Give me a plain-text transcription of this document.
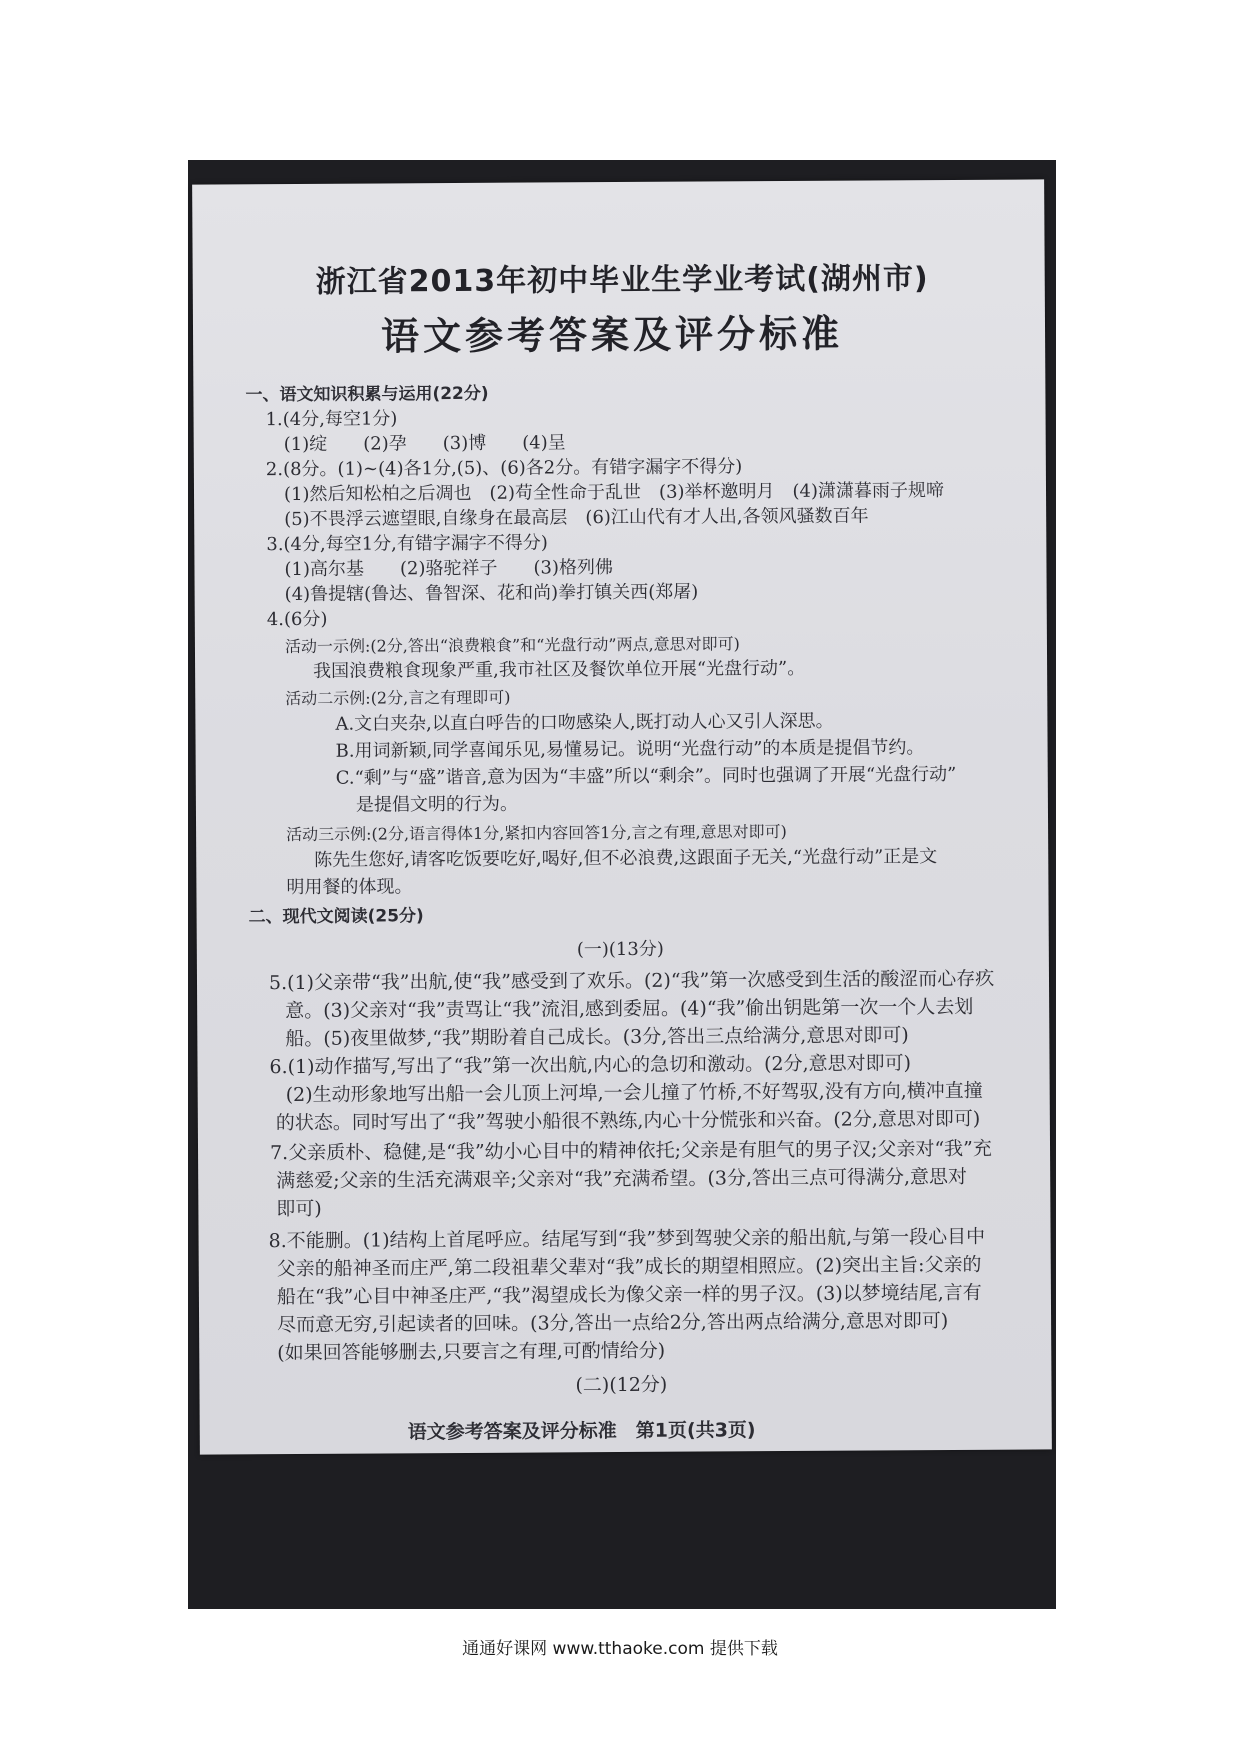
浙江省2013年初中毕业生学业考试(湖州市)
语文参考答案及评分标准
一、语文知识积累与运用(22分)
1.(4分,每空1分)
(1)绽　　(2)孕　　(3)博　　(4)呈
2.(8分。(1)~(4)各1分,(5)、(6)各2分。有错字漏字不得分)
(1)然后知松柏之后凋也　(2)苟全性命于乱世　(3)举杯邀明月　(4)潇潇暮雨子规啼
(5)不畏浮云遮望眼,自缘身在最高层　(6)江山代有才人出,各领风骚数百年
3.(4分,每空1分,有错字漏字不得分)
(1)高尔基　　(2)骆驼祥子　　(3)格列佛
(4)鲁提辖(鲁达、鲁智深、花和尚)拳打镇关西(郑屠)
4.(6分)
活动一示例:(2分,答出“浪费粮食”和“光盘行动”两点,意思对即可)
我国浪费粮食现象严重,我市社区及餐饮单位开展“光盘行动”。
活动二示例:(2分,言之有理即可)
A.文白夹杂,以直白呼告的口吻感染人,既打动人心又引人深思。
B.用词新颖,同学喜闻乐见,易懂易记。说明“光盘行动”的本质是提倡节约。
C.“剩”与“盛”谐音,意为因为“丰盛”所以“剩余”。同时也强调了开展“光盘行动”
是提倡文明的行为。
活动三示例:(2分,语言得体1分,紧扣内容回答1分,言之有理,意思对即可)
陈先生您好,请客吃饭要吃好,喝好,但不必浪费,这跟面子无关,“光盘行动”正是文
明用餐的体现。
二、现代文阅读(25分)
(一)(13分)
5.(1)父亲带“我”出航,使“我”感受到了欢乐。(2)“我”第一次感受到生活的酸涩而心存疚
意。(3)父亲对“我”责骂让“我”流泪,感到委屈。(4)“我”偷出钥匙第一次一个人去划
船。(5)夜里做梦,“我”期盼着自己成长。(3分,答出三点给满分,意思对即可)
6.(1)动作描写,写出了“我”第一次出航,内心的急切和激动。(2分,意思对即可)
(2)生动形象地写出船一会儿顶上河埠,一会儿撞了竹桥,不好驾驭,没有方向,横冲直撞
的状态。同时写出了“我”驾驶小船很不熟练,内心十分慌张和兴奋。(2分,意思对即可)
7.父亲质朴、稳健,是“我”幼小心目中的精神依托;父亲是有胆气的男子汉;父亲对“我”充
满慈爱;父亲的生活充满艰辛;父亲对“我”充满希望。(3分,答出三点可得满分,意思对
即可)
8.不能删。(1)结构上首尾呼应。结尾写到“我”梦到驾驶父亲的船出航,与第一段心目中
父亲的船神圣而庄严,第二段祖辈父辈对“我”成长的期望相照应。(2)突出主旨:父亲的
船在“我”心目中神圣庄严,“我”渴望成长为像父亲一样的男子汉。(3)以梦境结尾,言有
尽而意无穷,引起读者的回味。(3分,答出一点给2分,答出两点给满分,意思对即可)
(如果回答能够删去,只要言之有理,可酌情给分)
(二)(12分)
语文参考答案及评分标准　第1页(共3页)
通通好课网 www.tthaoke.com 提供下载
